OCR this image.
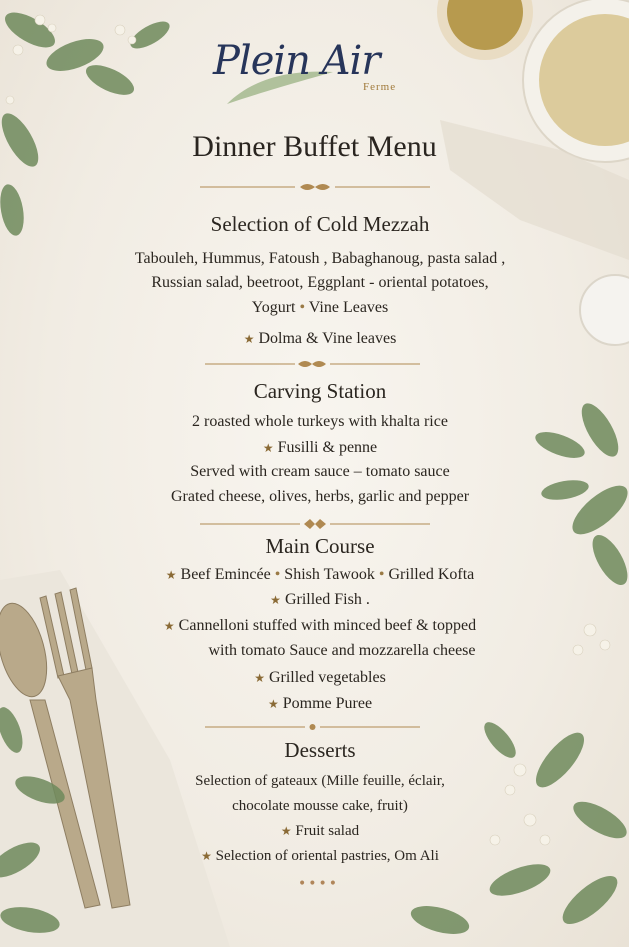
Plein Air
Ferme
Dinner Buffet Menu
Selection of Cold Mezzah
Tabouleh, Hummus, Fatoush , Babaghanoug, pasta salad ,
Russian salad, beetroot, Eggplant - oriental potatoes,
Yogurt • Vine Leaves
★ Dolma & Vine leaves
Carving Station
2 roasted whole turkeys with khalta rice
★ Fusilli & penne
Served with cream sauce – tomato sauce
Grated cheese, olives, herbs, garlic and pepper
Main Course
★ Beef Emincée • Shish Tawook • Grilled Kofta
★ Grilled Fish .
★ Cannelloni stuffed with minced beef & topped
with tomato Sauce and mozzarella cheese
★ Grilled vegetables
★ Pomme Puree
Desserts
Selection of gateaux (Mille feuille, éclair,
chocolate mousse cake, fruit)
★ Fruit salad
★ Selection of oriental pastries, Om Ali
••••
